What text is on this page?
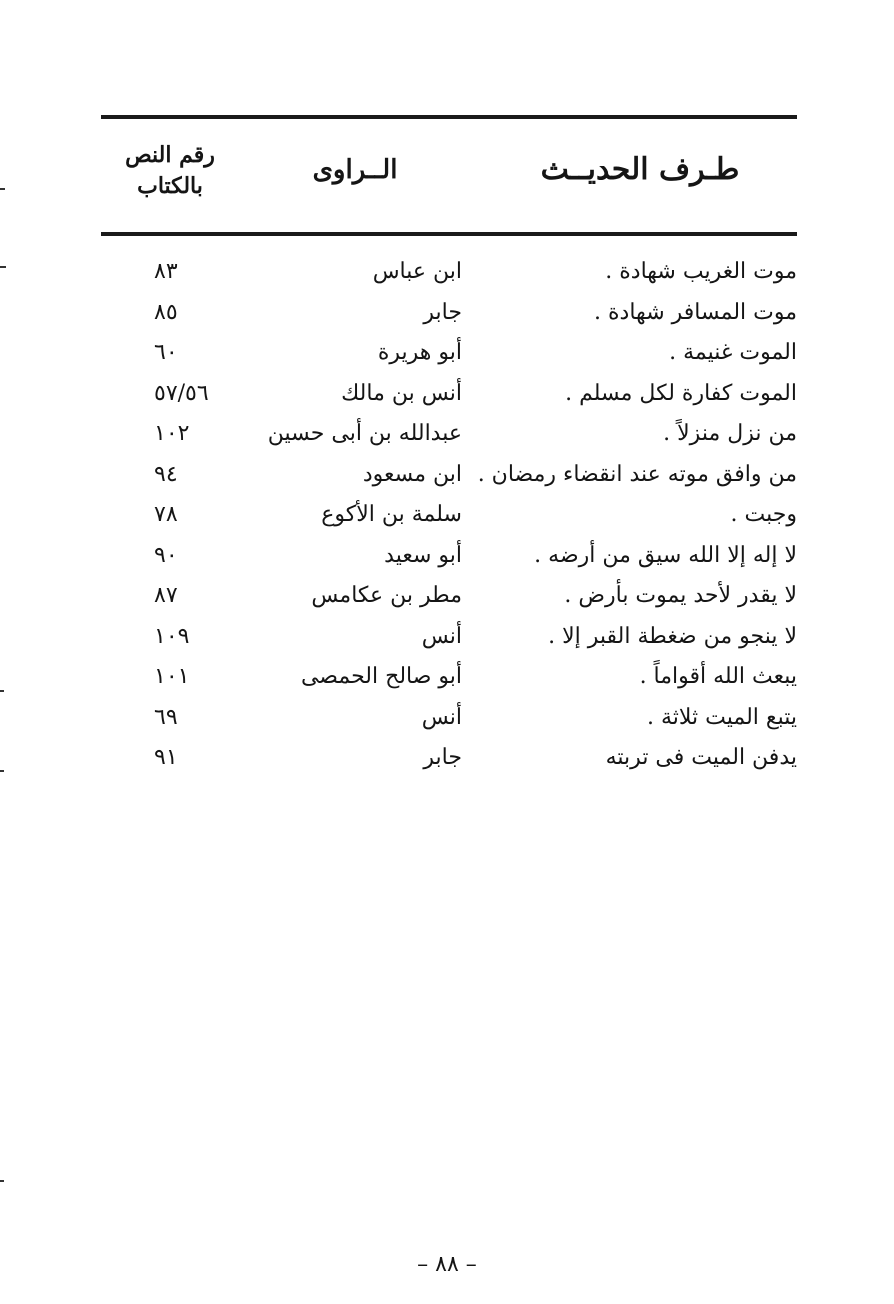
طـرف الحديــث
الــراوى
رقم النص
بالكتاب
موت الغريب شهادة .
ابن عباس
٨٣
موت المسافر شهادة .
جابر
٨٥
الموت غنيمة .
أبو هريرة
٦٠
الموت كفارة لكل مسلم .
أنس بن مالك
٥٧/٥٦
من نزل منزلاً .
عبدالله بن أبى حسين
١٠٢
من وافق موته عند انقضاء رمضان .
ابن مسعود
٩٤
وجبت .
سلمة بن الأكوع
٧٨
لا إله إلا الله سيق من أرضه .
أبو سعيد
٩٠
لا يقدر لأحد يموت بأرض .
مطر بن عكامس
٨٧
لا ينجو من ضغطة القبر إلا .
أنس
١٠٩
يبعث الله أقواماً .
أبو صالح الحمصى
١٠١
يتبع الميت ثلاثة .
أنس
٦٩
يدفن الميت فى تربته
جابر
٩١
– ٨٨ –
